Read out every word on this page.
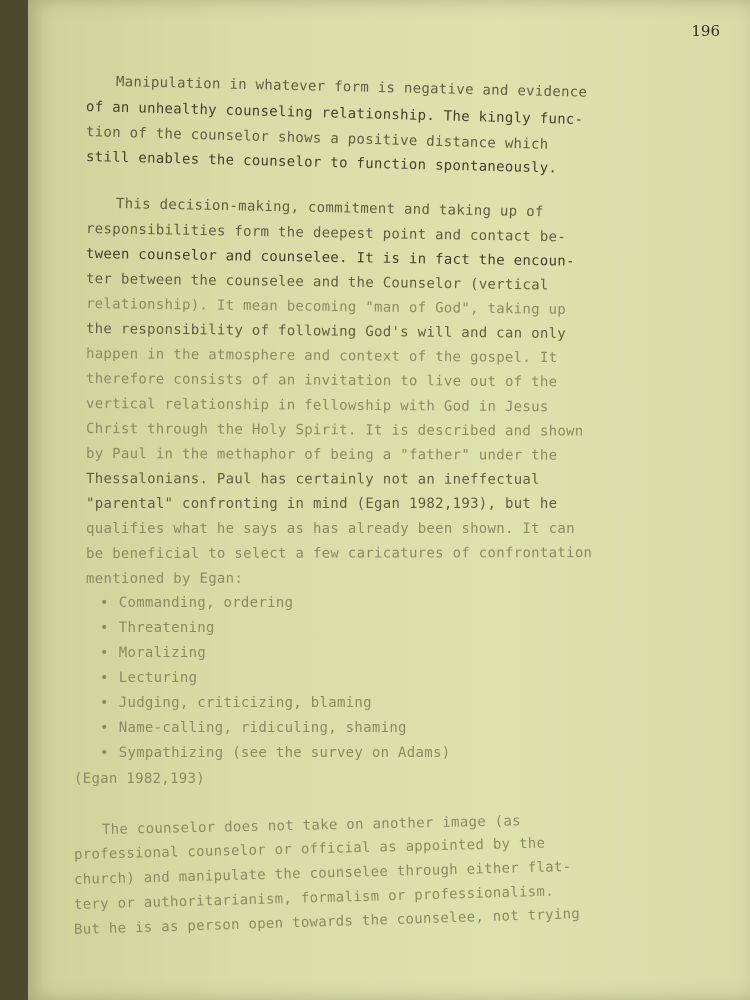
196
Manipulation in whatever form is negative and evidence
of an unhealthy counseling relationship. The kingly func-
tion of the counselor shows a positive distance which
still enables the counselor to function spontaneously.
This decision-making, commitment and taking up of
responsibilities form the deepest point and contact be-
tween counselor and counselee. It is in fact the encoun-
ter between the counselee and the Counselor (vertical
relationship). It mean becoming "man of God", taking up
the responsibility of following God's will and can only
happen in the atmosphere and context of the gospel. It
therefore consists of an invitation to live out of the
vertical relationship in fellowship with God in Jesus
Christ through the Holy Spirit. It is described and shown
by Paul in the methaphor of being a "father" under the
Thessalonians. Paul has certainly not an ineffectual
"parental" confronting in mind (Egan 1982,193), but he
qualifies what he says as has already been shown. It can
be beneficial to select a few caricatures of confrontation
mentioned by Egan:
• Commanding, ordering
• Threatening
• Moralizing
• Lecturing
• Judging, criticizing, blaming
• Name-calling, ridiculing, shaming
• Sympathizing (see the survey on Adams)
(Egan 1982,193)
The counselor does not take on another image (as
professional counselor or official as appointed by the
church) and manipulate the counselee through either flat-
tery or authoritarianism, formalism or professionalism.
But he is as person open towards the counselee, not trying
